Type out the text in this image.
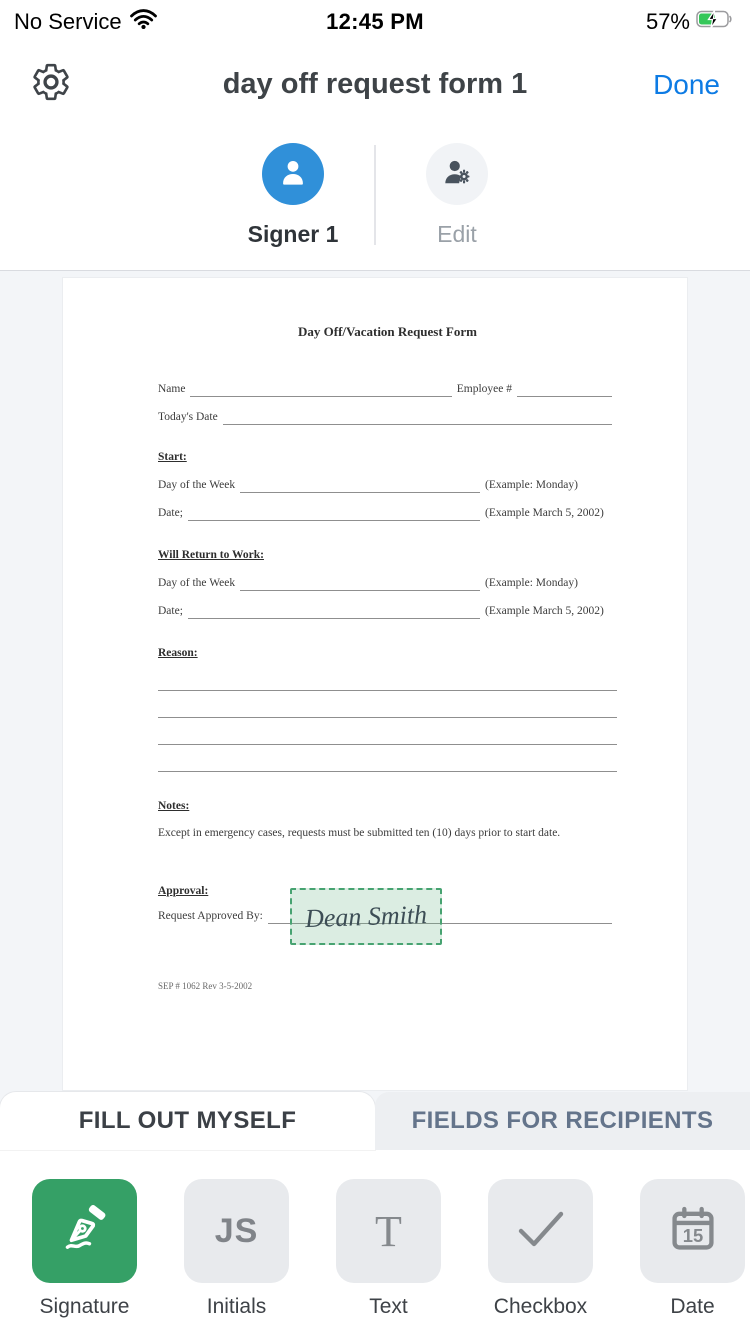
No Service	12:45 PM	57%
day off request form 1	Done
Signer 1	Edit
Day Off/Vacation Request Form
Name	Employee #
Today's Date
Start:
Day of the Week	(Example: Monday)
Date;	(Example March 5, 2002)
Will Return to Work:
Day of the Week	(Example: Monday)
Date;	(Example March 5, 2002)
Reason:
Notes:
Except in emergency cases, requests must be submitted ten (10) days prior to start date.
Approval:
Request Approved By:
SEP # 1062 Rev 3-5-2002
Dean Smith
FILL OUT MYSELF	FIELDS FOR RECIPIENTS
Signature
JS
Initials
T
Text	Checkbox
15
Date
